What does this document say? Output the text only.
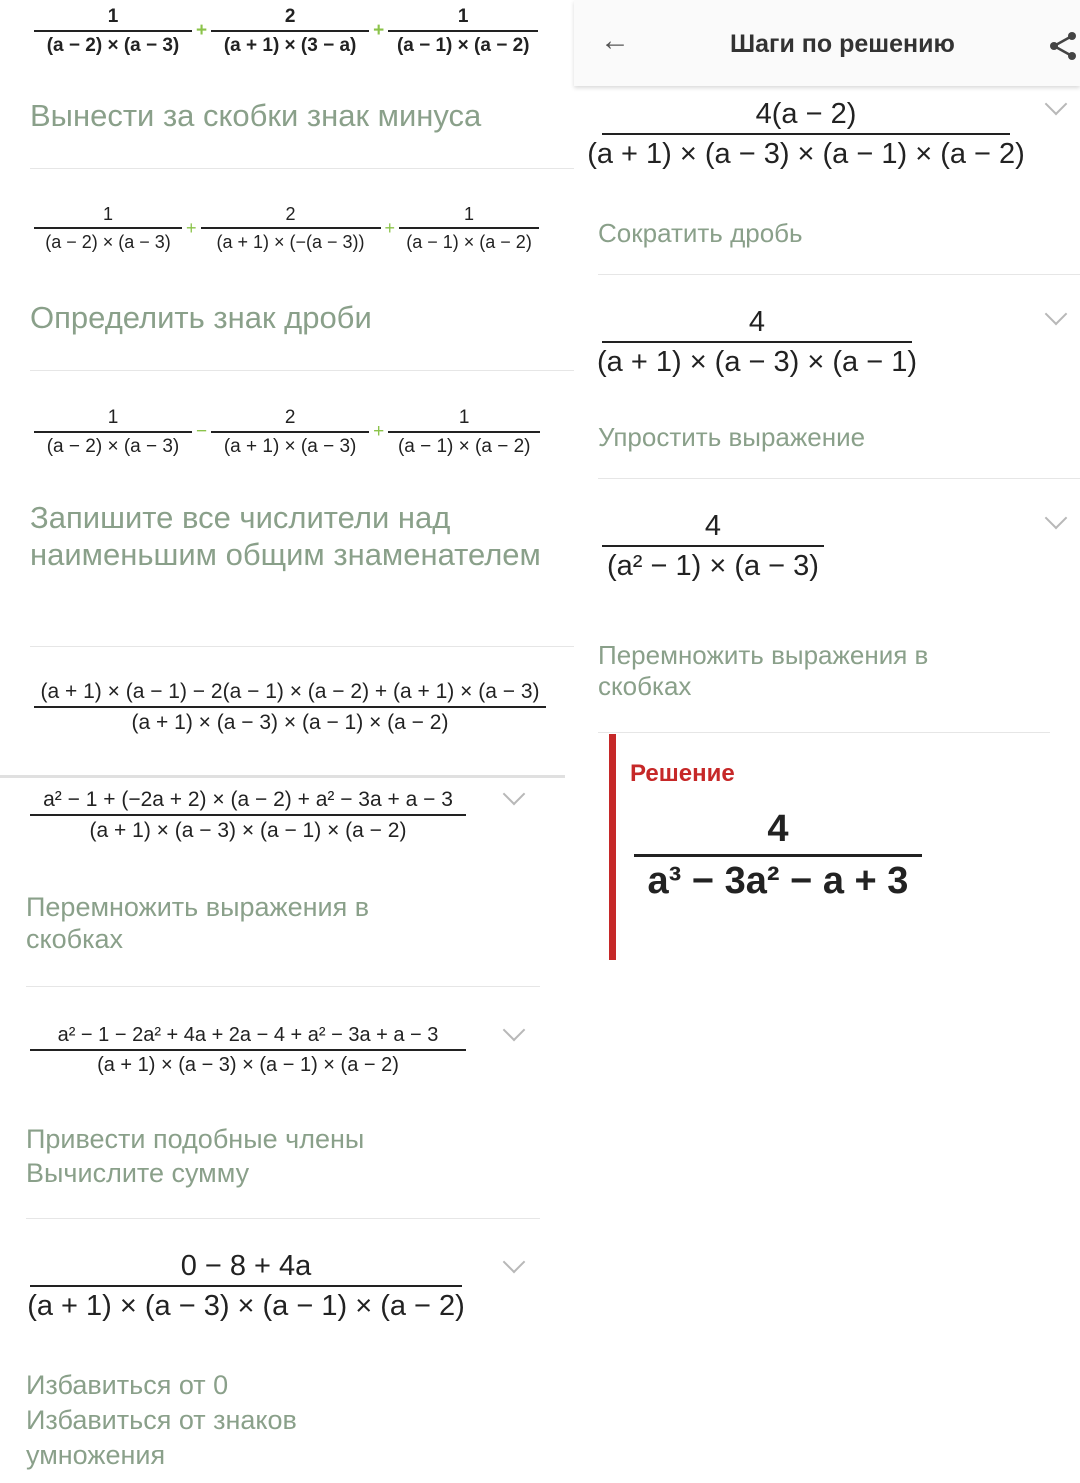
$\frac{1}{(a - 2) \times (a - 3)} + \frac{2}{(a + 1) \times (3 - a)} + \frac{1}{(a - 1) \times (a - 2)}$
Вынести за скобки знак минуса
$\frac{1}{(a - 2) \times (a - 3)} + \frac{2}{(a + 1) \times (-(a - 3))} + \frac{1}{(a - 1) \times (a - 2)}$
Определить знак дроби
$\frac{1}{(a - 2) \times (a - 3)} - \frac{2}{(a + 1) \times (a - 3)} + \frac{1}{(a - 1) \times (a - 2)}$
Запишите все числители над наименьшим общим знаменателем
(a + 1) × (a − 1) − 2(a − 1) × (a − 2) + (a + 1) × (a − 3)
(a + 1) × (a − 3) × (a − 1) × (a − 2)
a² − 1 + (−2a + 2) × (a − 2) + a² − 3a + a − 3
(a + 1) × (a − 3) × (a − 1) × (a − 2)
Перемножить выражения в скобках
a² − 1 − 2a² + 4a + 2a − 4 + a² − 3a + a − 3
(a + 1) × (a − 3) × (a − 1) × (a − 2)
Привести подобные члены
Вычислите сумму
0 − 8 + 4a
(a + 1) × (a − 3) × (a − 1) × (a − 2)
Избавиться от 0
Избавиться от знаков
умножения
←	Шаги по решению
4(a − 2)
(a + 1) × (a − 3) × (a − 1) × (a − 2)
Сократить дробь
4
(a + 1) × (a − 3) × (a − 1)
Упростить выражение
4
(a² − 1) × (a − 3)
Перемножить выражения в скобках
Решение
4
a³ − 3a² − a + 3
